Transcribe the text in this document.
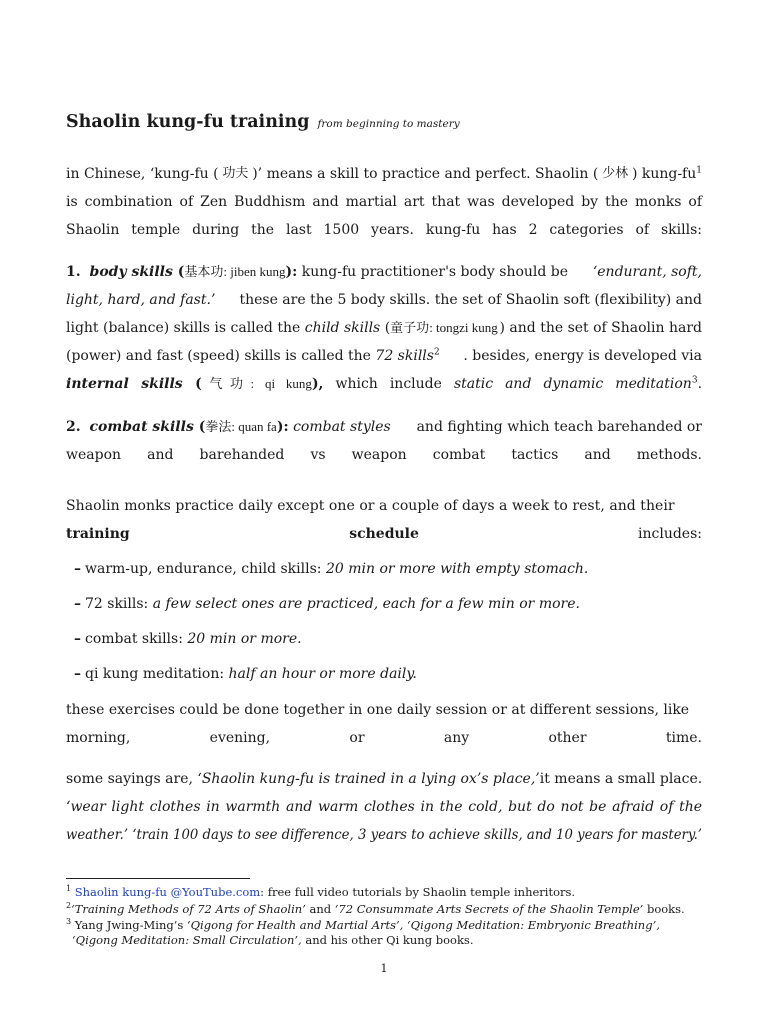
Shaolin kung-fu training from beginning to mastery
in Chinese, ‘kung-fu ( 功夫 )’ means a skill to practice and perfect. Shaolin ( 少林 ) kung-$fu^1$
is combination of Zen Buddhism and martial art that was developed by the monks of
Shaolin temple during the last 1500 years. kung-fu has 2 categories of skills:
1. body skills (基本功: jiben kung): kung-fu practitioner's body should be ‘endurant, soft,
light, hard, and fast.’ these are the 5 body skills. the set of Shaolin soft (flexibility) and
light (balance) skills is called the child skills (童子功: tongzi kung ) and the set of Shaolin hard
(power) and fast (speed) skills is called the 72 skills$^2$ . besides, energy is developed via
internal skills (气功: qi kung), which include static and dynamic meditation$^3$.
2. combat skills (拳法: quan fa): combat styles and fighting which teach barehanded or
weapon and barehanded vs weapon combat tactics and methods.
Shaolin monks practice daily except one or a couple of days a week to rest, and their
training schedule includes:
– warm-up, endurance, child skills: 20 min or more with empty stomach.
– 72 skills: a few select ones are practiced, each for a few min or more.
– combat skills: 20 min or more.
– qi kung meditation: half an hour or more daily.
these exercises could be done together in one daily session or at different sessions, like
morning, evening, or any other time.
some sayings are, ‘Shaolin kung-fu is trained in a lying ox’s place,’ it means a small place.
‘wear light clothes in warmth and warm clothes in the cold, but do not be afraid of the
weather.’ ‘train 100 days to see difference, 3 years to achieve skills, and 10 years for mastery.’
$^1$ Shaolin kung-fu @YouTube.com: free full video tutorials by Shaolin temple inheritors.
$^2$‘Training Methods of 72 Arts of Shaolin’ and ‘72 Consummate Arts Secrets of the Shaolin Temple’ books.
$^3$ Yang Jwing-Ming’s ‘Qigong for Health and Martial Arts’, ‘Qigong Meditation: Embryonic Breathing’,
‘Qigong Meditation: Small Circulation’, and his other Qi kung books.
1
